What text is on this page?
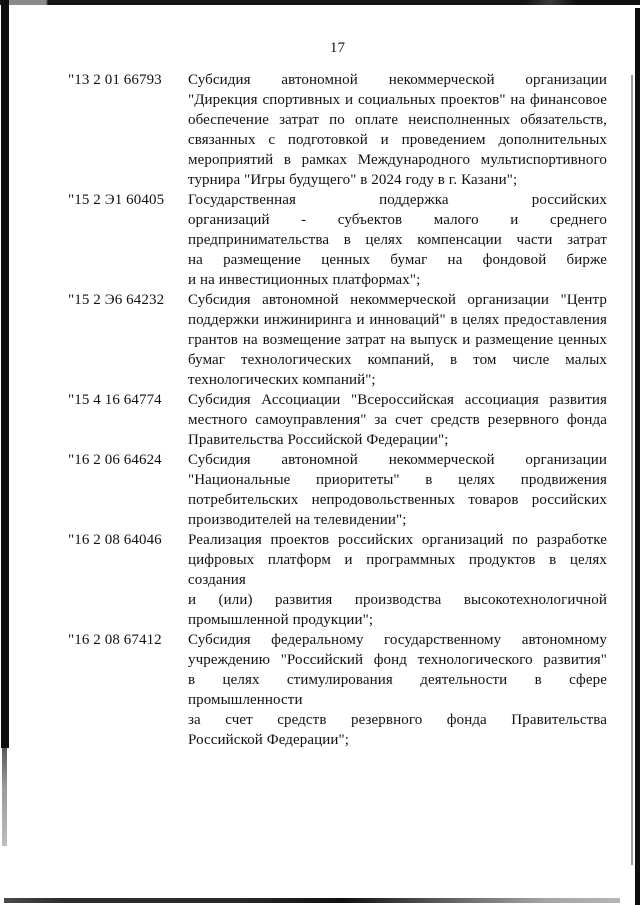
17
"13 2 01 66793	Субсидия автономной некоммерческой организации
"Дирекция спортивных и социальных проектов" на финансовое
обеспечение затрат по оплате неисполненных обязательств,
связанных с подготовкой и проведением дополнительных
мероприятий в рамках Международного мультиспортивного
турнира "Игры будущего" в 2024 году в г. Казани";
"15 2 Э1 60405	Государственная поддержка российских
организаций - субъектов малого и среднего
предпринимательства в целях компенсации части затрат
на размещение ценных бумаг на фондовой бирже
и на инвестиционных платформах";
"15 2 Э6 64232	Субсидия автономной некоммерческой организации "Центр
поддержки инжиниринга и инноваций" в целях предоставления
грантов на возмещение затрат на выпуск и размещение ценных
бумаг технологических компаний, в том числе малых
технологических компаний";
"15 4 16 64774	Субсидия Ассоциации "Всероссийская ассоциация развития
местного самоуправления" за счет средств резервного фонда
Правительства Российской Федерации";
"16 2 06 64624	Субсидия автономной некоммерческой организации
"Национальные приоритеты" в целях продвижения
потребительских непродовольственных товаров российских
производителей на телевидении";
"16 2 08 64046	Реализация проектов российских организаций по разработке
цифровых платформ и программных продуктов в целях создания
и (или) развития производства высокотехнологичной
промышленной продукции";
"16 2 08 67412	Субсидия федеральному государственному автономному
учреждению "Российский фонд технологического развития"
в целях стимулирования деятельности в сфере промышленности
за счет средств резервного фонда Правительства
Российской Федерации";
